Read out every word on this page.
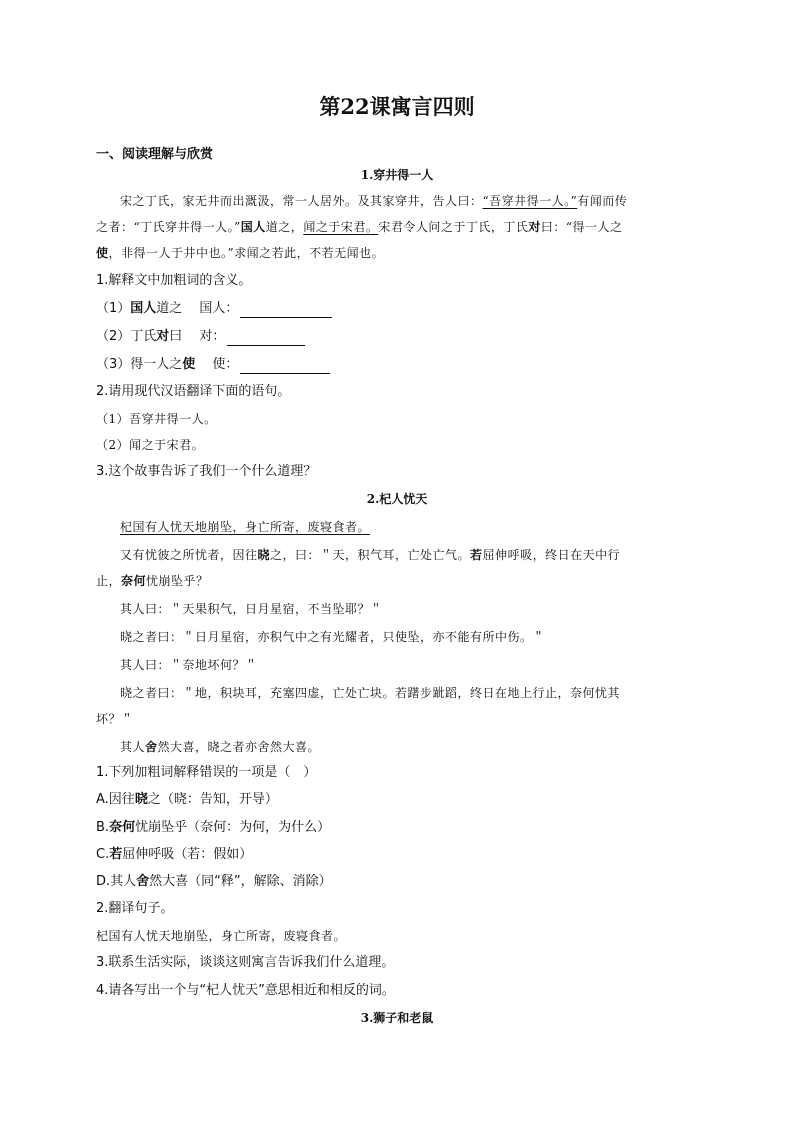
第22课寓言四则
一、阅读理解与欣赏
1.穿井得一人
宋之丁氏，家无井而出溉汲，常一人居外。及其家穿井，告人曰：“吾穿井得一人。”有闻而传
之者：“丁氏穿井得一人。”国人道之，闻之于宋君。宋君令人问之于丁氏，丁氏对曰：“得一人之
使，非得一人于井中也。”求闻之若此，不若无闻也。
1.解释文中加粗词的含义。
（1）国人道之　 国人：
（2）丁氏对曰　 对：
（3）得一人之使　 使：
2.请用现代汉语翻译下面的语句。
（1）吾穿井得一人。
（2）闻之于宋君。
3.这个故事告诉了我们一个什么道理？
2.杞人忧天
杞国有人忧天地崩坠，身亡所寄，废寝食者。
又有忧彼之所忧者，因往晓之，曰：＂天，积气耳，亡处亡气。若屈伸呼吸，终日在天中行
止，奈何忧崩坠乎？
其人曰：＂天果积气，日月星宿，不当坠耶？＂
晓之者曰：＂日月星宿，亦积气中之有光耀者，只使坠，亦不能有所中伤。＂
其人曰：＂奈地坏何？＂
晓之者曰：＂地，积块耳，充塞四虚，亡处亡块。若躇步跐蹈，终日在地上行止，奈何忧其
坏？＂
其人舍然大喜，晓之者亦舍然大喜。
1.下列加粗词解释错误的一项是（　）
A.因往晓之（晓：告知，开导）
B.奈何忧崩坠乎（奈何：为何，为什么）
C.若屈伸呼吸（若：假如）
D.其人舍然大喜（同“释”，解除、消除）
2.翻译句子。
杞国有人忧天地崩坠，身亡所寄，废寝食者。
3.联系生活实际，谈谈这则寓言告诉我们什么道理。
4.请各写出一个与“杞人忧天”意思相近和相反的词。
3.狮子和老鼠
